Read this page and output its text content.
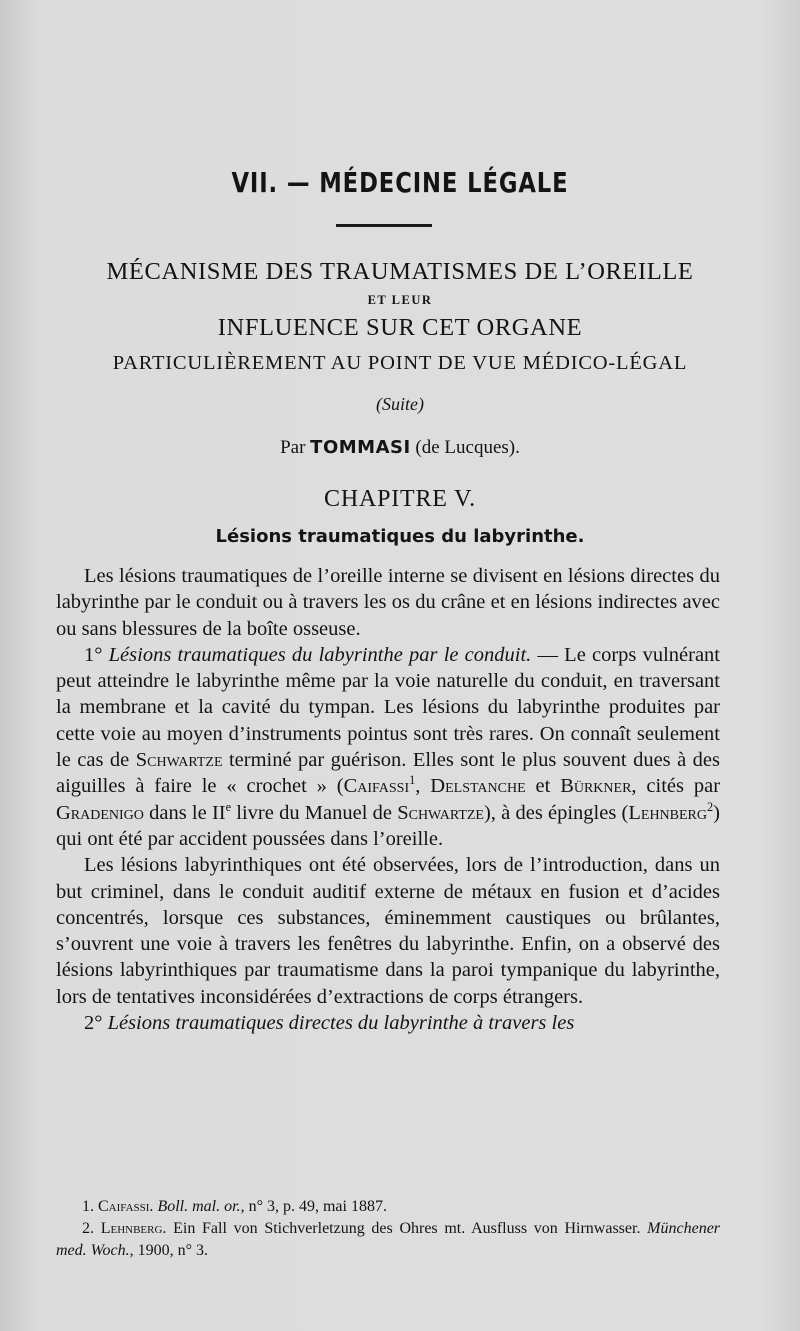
VII. — MÉDECINE LÉGALE
MÉCANISME DES TRAUMATISMES DE L’OREILLE
ET LEUR
INFLUENCE SUR CET ORGANE
PARTICULIÈREMENT AU POINT DE VUE MÉDICO-LÉGAL
(Suite)
Par TOMMASI (de Lucques).
CHAPITRE V.
Lésions traumatiques du labyrinthe.

Les lésions traumatiques de l’oreille interne se divisent en lésions directes du labyrinthe par le conduit ou à travers les os du crâne et en lésions indirectes avec ou sans blessures de la boîte osseuse.

1° Lésions traumatiques du labyrinthe par le conduit. — Le corps vulnérant peut atteindre le labyrinthe même par la voie naturelle du conduit, en traversant la membrane et la cavité du tympan. Les lésions du labyrinthe produites par cette voie au moyen d’instruments pointus sont très rares. On connaît seulement le cas de Schwartze terminé par guérison. Elles sont le plus souvent dues à des aiguilles à faire le « crochet » (Caifassi$^1$, Delstanche et Bürkner, cités par Gradenigo dans le IIe livre du Manuel de Schwartze), à des épingles (Lehnberg$^2$) qui ont été par accident poussées dans l’oreille.

Les lésions labyrinthiques ont été observées, lors de l’introduction, dans un but criminel, dans le conduit auditif externe de métaux en fusion et d’acides concentrés, lorsque ces substances, éminemment caustiques ou brûlantes, s’ouvrent une voie à travers les fenêtres du labyrinthe. Enfin, on a observé des lésions labyrinthiques par traumatisme dans la paroi tympanique du labyrinthe, lors de tentatives inconsidérées d’extractions de corps étrangers.

2° Lésions traumatiques directes du labyrinthe à travers les

1. Caifassi. Boll. mal. or., n° 3, p. 49, mai 1887.

2. Lehnberg. Ein Fall von Stichverletzung des Ohres mt. Ausfluss von Hirnwasser. Münchener med. Woch., 1900, n° 3.
